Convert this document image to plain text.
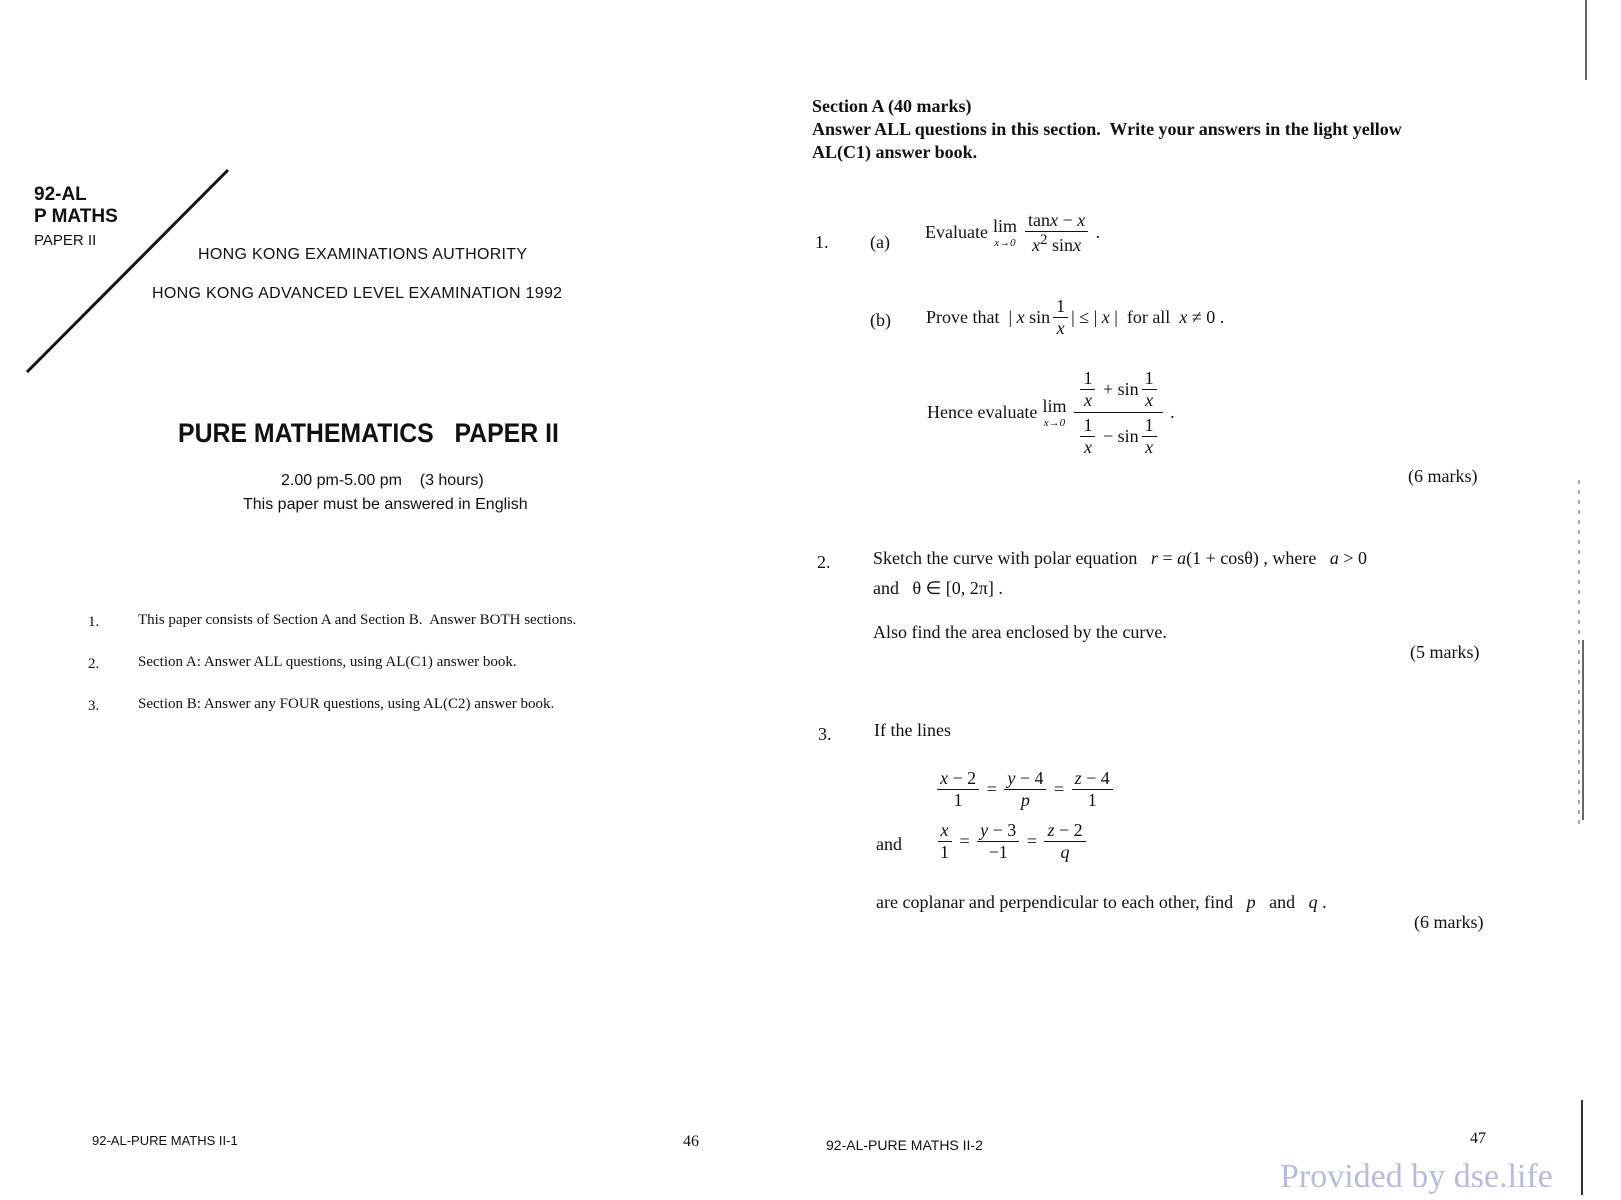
92-AL
P MATHS
PAPER II
HONG KONG EXAMINATIONS AUTHORITY
HONG KONG ADVANCED LEVEL EXAMINATION 1992
PURE MATHEMATICS   PAPER II
2.00 pm-5.00 pm    (3 hours)
This paper must be answered in English
1.	This paper consists of Section A and Section B.  Answer BOTH sections.
2.	Section A: Answer ALL questions, using AL(C1) answer book.
3.	Section B: Answer any FOUR questions, using AL(C2) answer book.
92-AL-PURE MATHS II-1	46
Section A (40 marks)
Answer ALL questions in this section.  Write your answers in the light yellow
AL(C1) answer book.
1. (a) Evaluate lim
$x\to 0 \frac{\tan x - x}{x^2 \sin x}$ .
(b) Prove that | x $\sin \frac{1}{x}$ | ≤ | x | for all x ≠ 0 .
Hence evaluate lim
$x\to 0 \frac{\frac{1}{x} + \sin \frac{1}{x}}{\frac{1}{x} - \sin \frac{1}{x}}$ .
(6 marks)
2. Sketch the curve with polar equation r = a(1 + cosθ) , where a > 0
and   θ ∈ [0, 2π] .
Also find the area enclosed by the curve.
(5 marks)
3. If the lines
$\frac{x - 2}{1} = \frac{y - 4}{p} = \frac{z - 4}{1}$
and $\frac{x}{1} = \frac{y - 3}{-1} = \frac{z - 2}{q}$
are coplanar and perpendicular to each other, find p and q .
(6 marks)
92-AL-PURE MATHS II-2	47
Provided by dse.life
